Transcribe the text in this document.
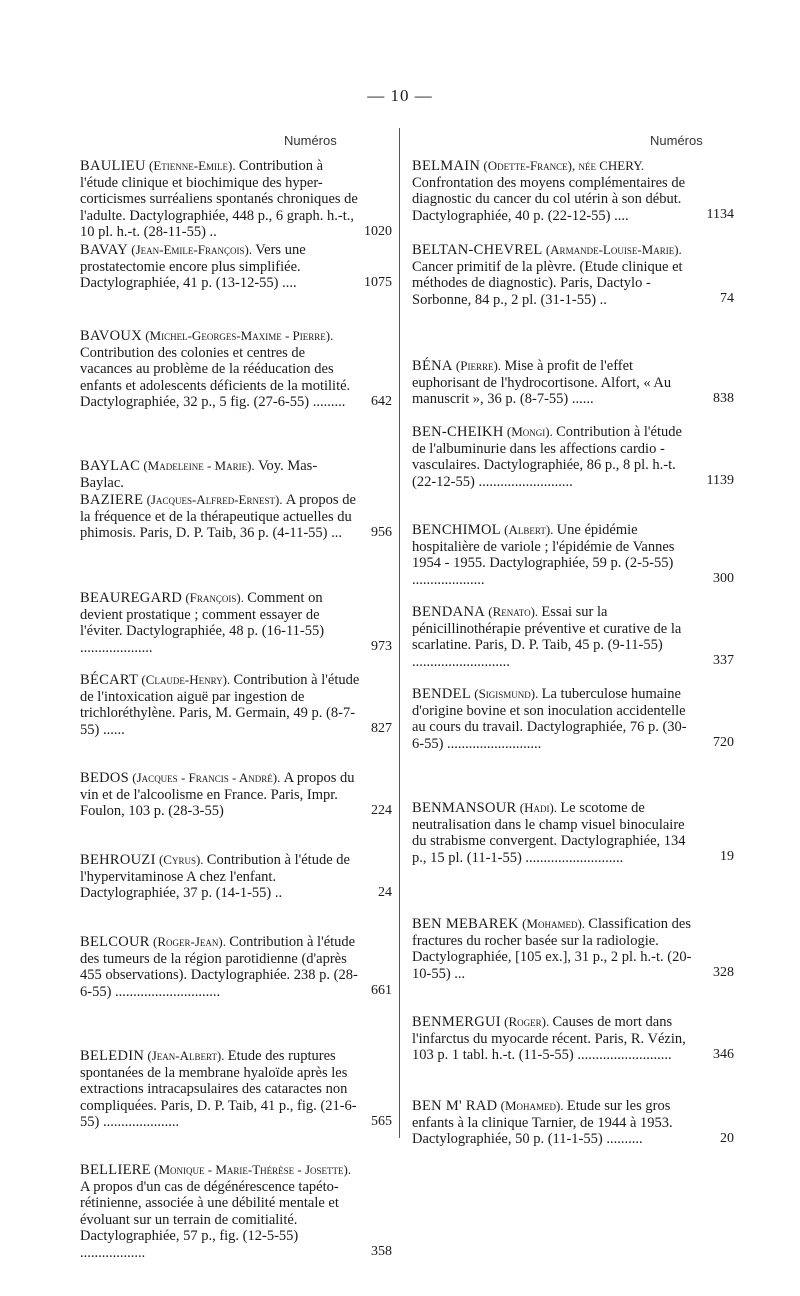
— 10 —
Numéros	Numéros
BAULIEU (Etienne-Emile). Contribution à l'étude clinique et biochimique des hyper-corticismes surréaliens spontanés chroniques de l'adulte. Dactylographiée, 448 p., 6 graph. h.-t., 10 pl. h.-t. (28-11-55) ..	1020
BAVAY (Jean-Emile-François). Vers une prostatectomie encore plus simplifiée. Dactylographiée, 41 p. (13-12-55) ....	1075
BAVOUX (Michel-Georges-Maxime - Pierre). Contribution des colonies et centres de vacances au problème de la rééducation des enfants et adolescents déficients de la motilité. Dactylographiée, 32 p., 5 fig. (27-6-55) .........	642
BAYLAC (Madeleine - Marie). Voy. Mas-Baylac.
BAZIERE (Jacques-Alfred-Ernest). A propos de la fréquence et de la thérapeutique actuelles du phimosis. Paris, D. P. Taib, 36 p. (4-11-55) ...	956
BEAUREGARD (François). Comment on devient prostatique ; comment essayer de l'éviter. Dactylographiée, 48 p. (16-11-55) ....................	973
BÉCART (Claude-Henry). Contribution à l'étude de l'intoxication aiguë par ingestion de trichloréthylène. Paris, M. Germain, 49 p. (8-7-55) ......	827
BEDOS (Jacques - Francis - André). A propos du vin et de l'alcoolisme en France. Paris, Impr. Foulon, 103 p. (28-3-55)	224
BEHROUZI (Cyrus). Contribution à l'étude de l'hypervitaminose A chez l'enfant. Dactylographiée, 37 p. (14-1-55) ..	24
BELCOUR (Roger-Jean). Contribution à l'étude des tumeurs de la région parotidienne (d'après 455 observations). Dactylographiée. 238 p. (28-6-55) .............................	661
BELEDIN (Jean-Albert). Etude des ruptures spontanées de la membrane hyaloïde après les extractions intracapsulaires des cataractes non compliquées. Paris, D. P. Taib, 41 p., fig. (21-6-55) .....................	565
BELLIERE (Monique - Marie-Thérèse - Josette). A propos d'un cas de dégénérescence tapéto-rétinienne, associée à une débilité mentale et évoluant sur un terrain de comitialité. Dactylographiée, 57 p., fig. (12-5-55) ..................	358
BELMAIN (Odette-France), née CHERY. Confrontation des moyens complémentaires de diagnostic du cancer du col utérin à son début. Dactylographiée, 40 p. (22-12-55) ....	1134
BELTAN-CHEVREL (Armande-Louise-Marie). Cancer primitif de la plèvre. (Etude clinique et méthodes de diagnostic). Paris, Dactylo - Sorbonne, 84 p., 2 pl. (31-1-55) ..	74
BÉNA (Pierre). Mise à profit de l'effet euphorisant de l'hydrocortisone. Alfort, « Au manuscrit », 36 p. (8-7-55) ......	838
BEN-CHEIKH (Mongi). Contribution à l'étude de l'albuminurie dans les affections cardio - vasculaires. Dactylographiée, 86 p., 8 pl. h.-t. (22-12-55) ..........................	1139
BENCHIMOL (Albert). Une épidémie hospitalière de variole ; l'épidémie de Vannes 1954 - 1955. Dactylographiée, 59 p. (2-5-55) ....................	300
BENDANA (Renato). Essai sur la pénicillinothérapie préventive et curative de la scarlatine. Paris, D. P. Taib, 45 p. (9-11-55) ...........................	337
BENDEL (Sigismund). La tuberculose humaine d'origine bovine et son inoculation accidentelle au cours du travail. Dactylographiée, 76 p. (30-6-55) ..........................	720
BENMANSOUR (Hadi). Le scotome de neutralisation dans le champ visuel binoculaire du strabisme convergent. Dactylographiée, 134 p., 15 pl. (11-1-55) ...........................	19
BEN MEBAREK (Mohamed). Classification des fractures du rocher basée sur la radiologie. Dactylographiée, [105 ex.], 31 p., 2 pl. h.-t. (20-10-55) ...	328
BENMERGUI (Roger). Causes de mort dans l'infarctus du myocarde récent. Paris, R. Vézin, 103 p. 1 tabl. h.-t. (11-5-55) ..........................	346
BEN M' RAD (Mohamed). Etude sur les gros enfants à la clinique Tarnier, de 1944 à 1953. Dactylographiée, 50 p. (11-1-55) ..........	20
